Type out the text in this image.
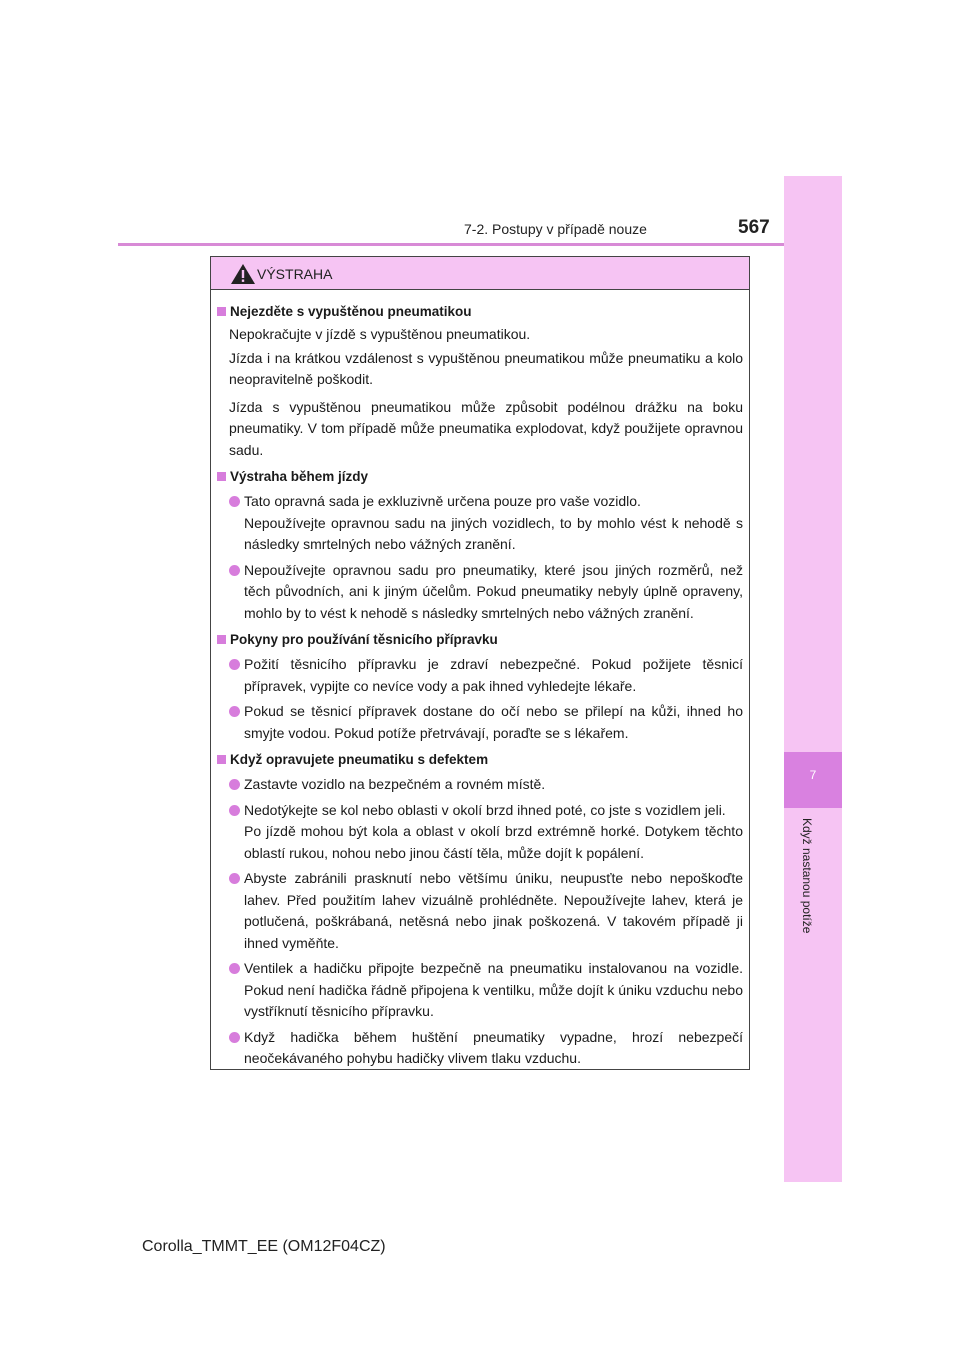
7
Když nastanou potíže
7-2. Postupy v případě nouze	567
VÝSTRAHA
Nejezděte s vypuštěnou pneumatikou
Nepokračujte v jízdě s vypuštěnou pneumatikou.
Jízda i na krátkou vzdálenost s vypuštěnou pneumatikou může pneumatiku a kolo neopravitelně poškodit.
Jízda s vypuštěnou pneumatikou může způsobit podélnou drážku na boku pneumatiky. V tom případě může pneumatika explodovat, když použijete opravnou sadu.
Výstraha během jízdy

Tato opravná sada je exkluzivně určena pouze pro vaše vozidlo.

Nepoužívejte opravnou sadu na jiných vozidlech, to by mohlo vést k nehodě s následky smrtelných nebo vážných zranění.

Nepoužívejte opravnou sadu pro pneumatiky, které jsou jiných rozměrů, než těch původních, ani k jiným účelům. Pokud pneumatiky nebyly úplně opraveny, mohlo by to vést k nehodě s následky smrtelných nebo vážných zranění.

Pokyny pro používání těsnicího přípravku

Požití těsnicího přípravku je zdraví nebezpečné. Pokud požijete těsnicí přípravek, vypijte co nevíce vody a pak ihned vyhledejte lékaře.

Pokud se těsnicí přípravek dostane do očí nebo se přilepí na kůži, ihned ho smyjte vodou. Pokud potíže přetrvávají, poraďte se s lékařem.

Když opravujete pneumatiku s defektem

Zastavte vozidlo na bezpečném a rovném místě.

Nedotýkejte se kol nebo oblasti v okolí brzd ihned poté, co jste s vozidlem jeli.

Po jízdě mohou být kola a oblast v okolí brzd extrémně horké. Dotykem těchto oblastí rukou, nohou nebo jinou částí těla, může dojít k popálení.

Abyste zabránili prasknutí nebo většímu úniku, neupusťte nebo nepoškoďte lahev. Před použitím lahev vizuálně prohlédněte. Nepoužívejte lahev, která je potlučená, poškrábaná, netěsná nebo jinak poškozená. V takovém případě ji ihned vyměňte.

Ventilek a hadičku připojte bezpečně na pneumatiku instalovanou na vozidle. Pokud není hadička řádně připojena k ventilku, může dojít k úniku vzduchu nebo vystříknutí těsnicího přípravku.

Když hadička během huštění pneumatiky vypadne, hrozí nebezpečí neočekávaného pohybu hadičky vlivem tlaku vzduchu.

Corolla_TMMT_EE (OM12F04CZ)
